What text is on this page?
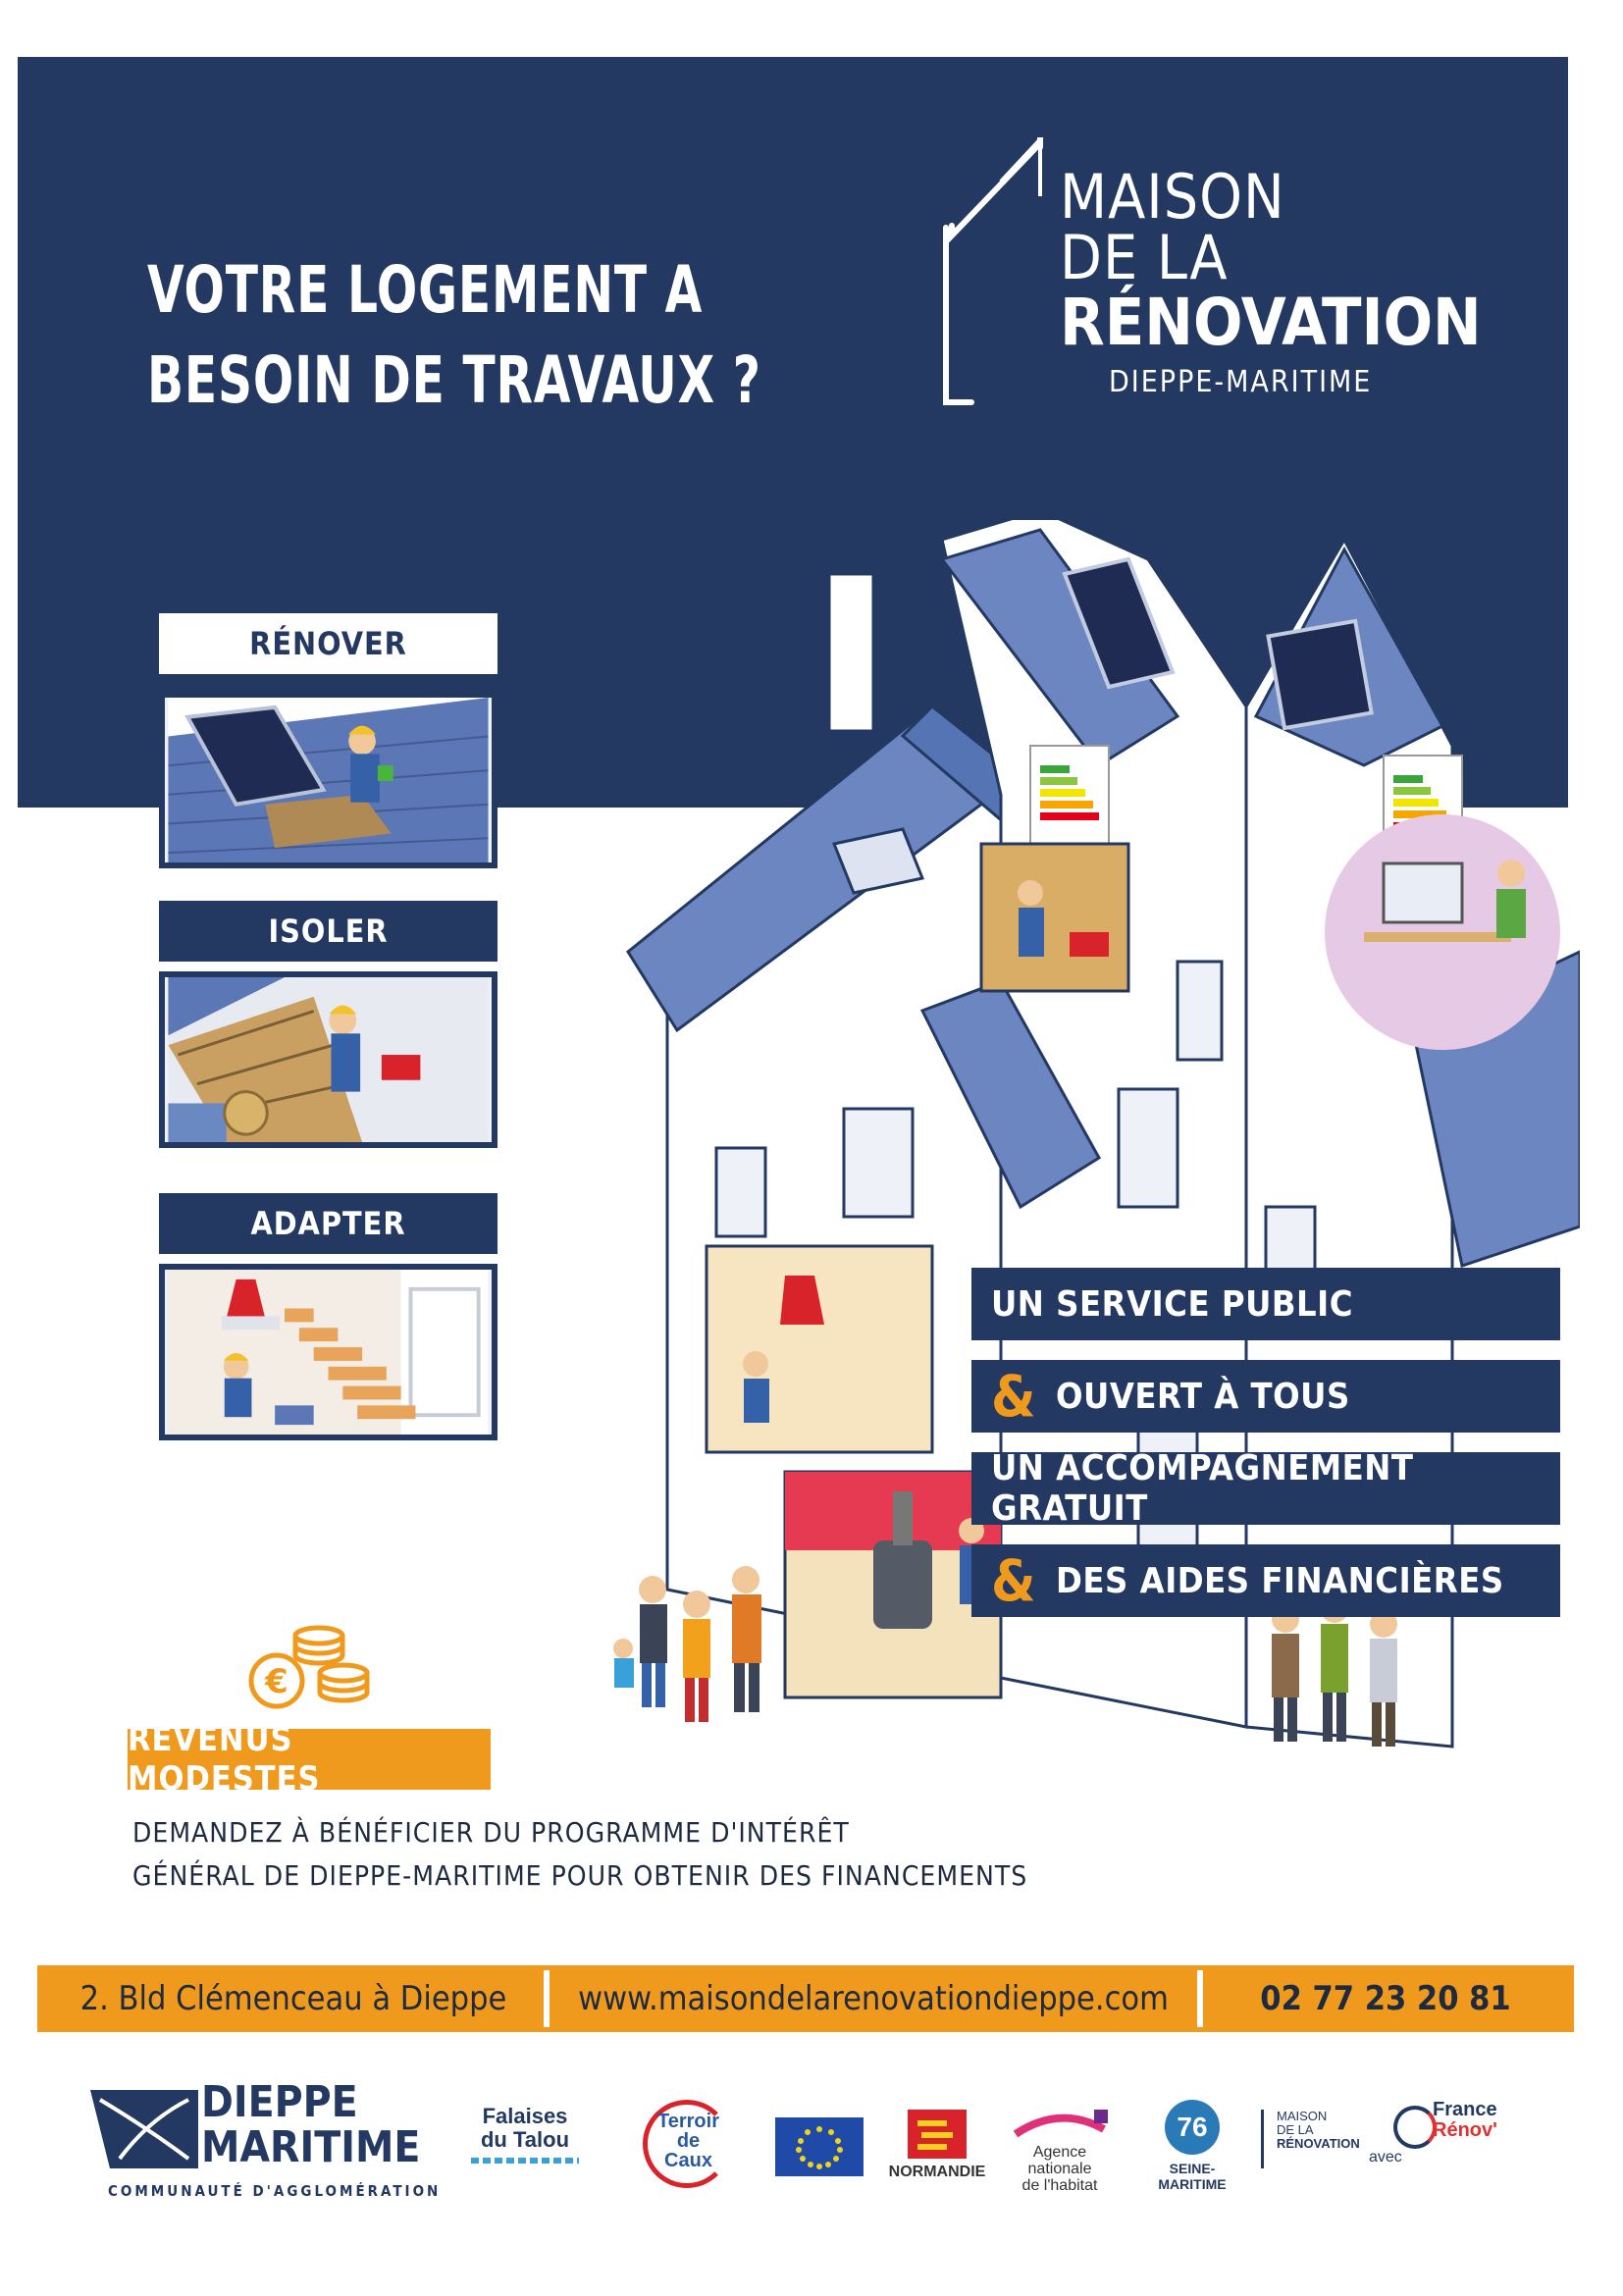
VOTRE LOGEMENT A
BESOIN DE TRAVAUX ?
MAISON
DE LA
RÉNOVATION
DIEPPE-MARITIME
RÉNOVER
ISOLER
ADAPTER
UN SERVICE PUBLIC
& OUVERT À TOUS
UN ACCOMPAGNEMENT GRATUIT
& DES AIDES FINANCIÈRES
€
REVENUS MODESTES
DEMANDEZ À BÉNÉFICIER DU PROGRAMME D'INTÉRÊT
GÉNÉRAL DE DIEPPE-MARITIME POUR OBTENIR DES FINANCEMENTS
2. Bld Clémenceau à Dieppe	www.maisondelarenovationdieppe.com	02 77 23 20 81
DIEPPE
MARITIME
COMMUNAUTÉ D'AGGLOMÉRATION
Falaises
du Talou
Terroir
de
Caux
NORMANDIE
Agence
nationale
de l'habitat
76
SEINE-MARITIME
MAISON
DE LA
RÉNOVATION
avec
France
Rénov'
